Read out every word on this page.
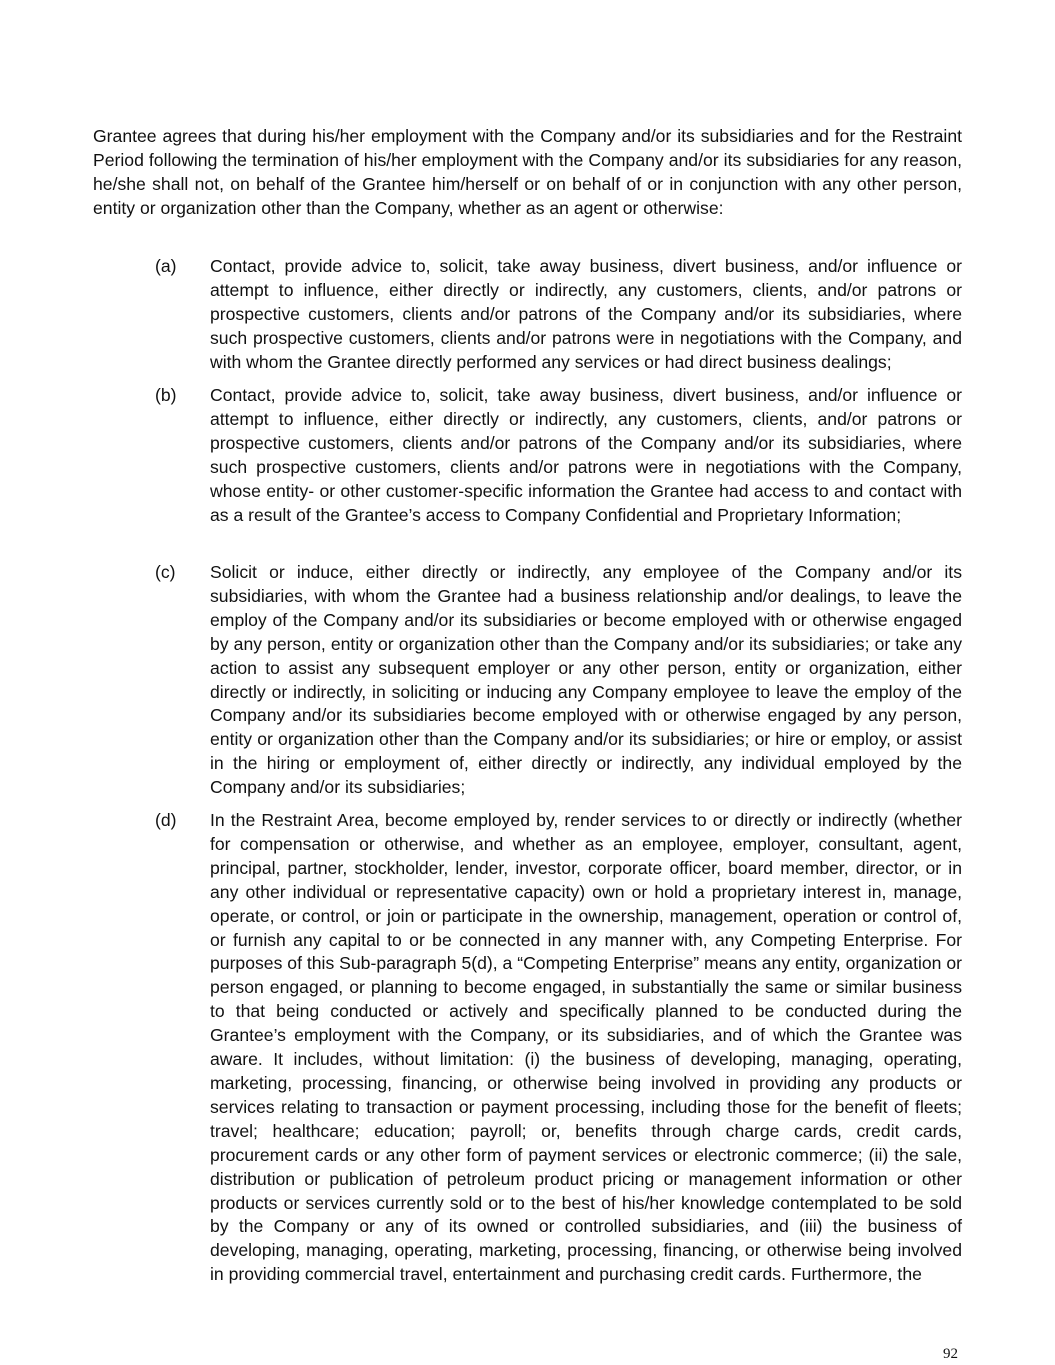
Grantee agrees that during his/her employment with the Company and/or its subsidiaries and for the Restraint Period following the termination of his/her employment with the Company and/or its subsidiaries for any reason, he/she shall not, on behalf of the Grantee him/herself or on behalf of or in conjunction with any other person, entity or organization other than the Company, whether as an agent or otherwise:

(a) Contact, provide advice to, solicit, take away business, divert business, and/or influence or attempt to influence, either directly or indirectly, any customers, clients, and/or patrons or prospective customers, clients and/or patrons of the Company and/or its subsidiaries, where such prospective customers, clients and/or patrons were in negotiations with the Company, and with whom the Grantee directly performed any services or had direct business dealings;

(b) Contact, provide advice to, solicit, take away business, divert business, and/or influence or attempt to influence, either directly or indirectly, any customers, clients, and/or patrons or prospective customers, clients and/or patrons of the Company and/or its subsidiaries, where such prospective customers, clients and/or patrons were in negotiations with the Company, whose entity- or other customer-specific information the Grantee had access to and contact with as a result of the Grantee’s access to Company Confidential and Proprietary Information;

(c) Solicit or induce, either directly or indirectly, any employee of the Company and/or its subsidiaries, with whom the Grantee had a business relationship and/or dealings, to leave the employ of the Company and/or its subsidiaries or become employed with or otherwise engaged by any person, entity or organization other than the Company and/or its subsidiaries; or take any action to assist any subsequent employer or any other person, entity or organization, either directly or indirectly, in soliciting or inducing any Company employee to leave the employ of the Company and/or its subsidiaries become employed with or otherwise engaged by any person, entity or organization other than the Company and/or its subsidiaries; or hire or employ, or assist in the hiring or employment of, either directly or indirectly, any individual employed by the Company and/or its subsidiaries;

(d) In the Restraint Area, become employed by, render services to or directly or indirectly (whether for compensation or otherwise, and whether as an employee, employer, consultant, agent, principal, partner, stockholder, lender, investor, corporate officer, board member, director, or in any other individual or representative capacity) own or hold a proprietary interest in, manage, operate, or control, or join or participate in the ownership, management, operation or control of, or furnish any capital to or be connected in any manner with, any Competing Enterprise. For purposes of this Sub-paragraph 5(d), a “Competing Enterprise” means any entity, organization or person engaged, or planning to become engaged, in substantially the same or similar business to that being conducted or actively and specifically planned to be conducted during the Grantee’s employment with the Company, or its subsidiaries, and of which the Grantee was aware. It includes, without limitation: (i) the business of developing, managing, operating, marketing, processing, financing, or otherwise being involved in providing any products or services relating to transaction or payment processing, including those for the benefit of fleets; travel; healthcare; education; payroll; or, benefits through charge cards, credit cards, procurement cards or any other form of payment services or electronic commerce; (ii) the sale, distribution or publication of petroleum product pricing or management information or other products or services currently sold or to the best of his/her knowledge contemplated to be sold by the Company or any of its owned or controlled subsidiaries, and (iii) the business of developing, managing, operating, marketing, processing, financing, or otherwise being involved in providing commercial travel, entertainment and purchasing credit cards. Furthermore, the

92
